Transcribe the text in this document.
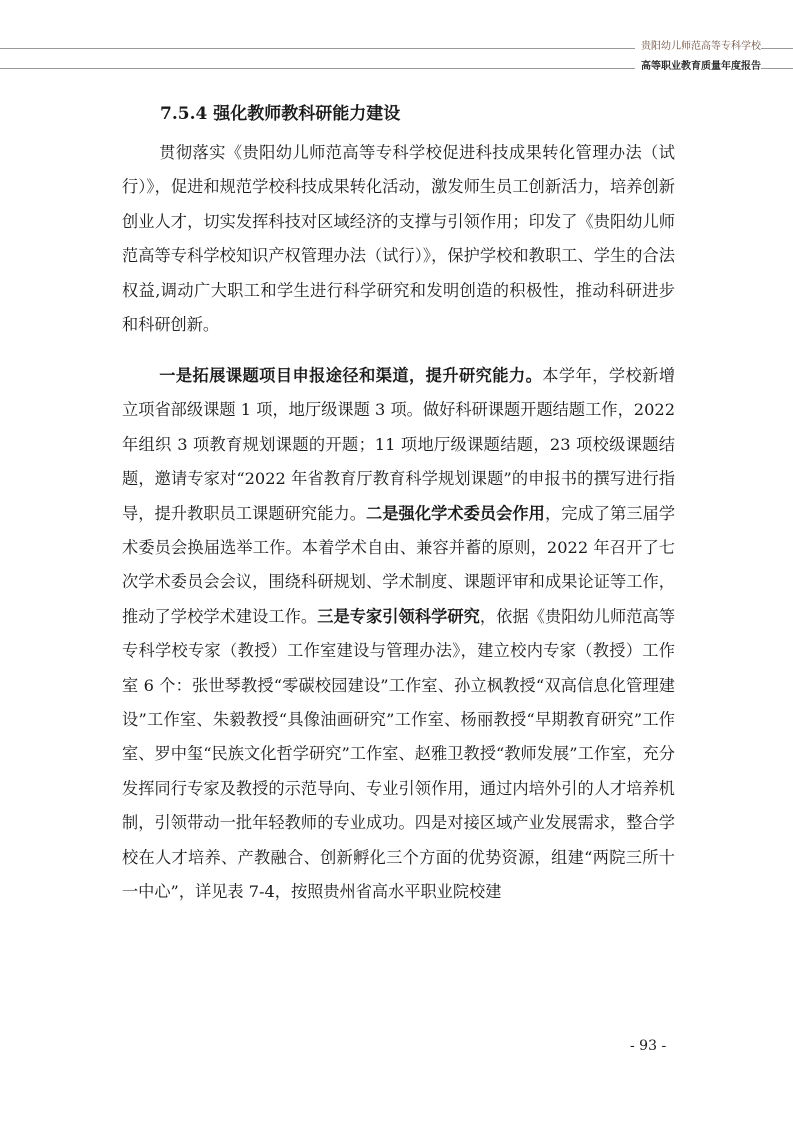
贵阳幼儿师范高等专科学校
高等职业教育质量年度报告
7.5.4 强化教师教科研能力建设

贯彻落实《贵阳幼儿师范高等专科学校促进科技成果转化管理办法（试行）》，促进和规范学校科技成果转化活动，激发师生员工创新活力，培养创新创业人才，切实发挥科技对区域经济的支撑与引领作用；印发了《贵阳幼儿师范高等专科学校知识产权管理办法（试行）》，保护学校和教职工、学生的合法权益,调动广大职工和学生进行科学研究和发明创造的积极性，推动科研进步和科研创新。

一是拓展课题项目申报途径和渠道，提升研究能力。本学年，学校新增立项省部级课题 1 项，地厅级课题 3 项。做好科研课题开题结题工作，2022 年组织 3 项教育规划课题的开题；11 项地厅级课题结题，23 项校级课题结题，邀请专家对“2022 年省教育厅教育科学规划课题”的申报书的撰写进行指导，提升教职员工课题研究能力。二是强化学术委员会作用，完成了第三届学术委员会换届选举工作。本着学术自由、兼容并蓄的原则，2022 年召开了七次学术委员会会议，围绕科研规划、学术制度、课题评审和成果论证等工作，推动了学校学术建设工作。三是专家引领科学研究，依据《贵阳幼儿师范高等专科学校专家（教授）工作室建设与管理办法》，建立校内专家（教授）工作室 6 个：张世琴教授“零碳校园建设”工作室、孙立枫教授“双高信息化管理建设”工作室、朱毅教授“具像油画研究”工作室、杨丽教授“早期教育研究”工作室、罗中玺“民族文化哲学研究”工作室、赵雅卫教授“教师发展”工作室，充分发挥同行专家及教授的示范导向、专业引领作用，通过内培外引的人才培养机制，引领带动一批年轻教师的专业成功。四是对接区域产业发展需求，整合学校在人才培养、产教融合、创新孵化三个方面的优势资源，组建“两院三所十一中心”，详见表 7-4，按照贵州省高水平职业院校建

- 93 -
